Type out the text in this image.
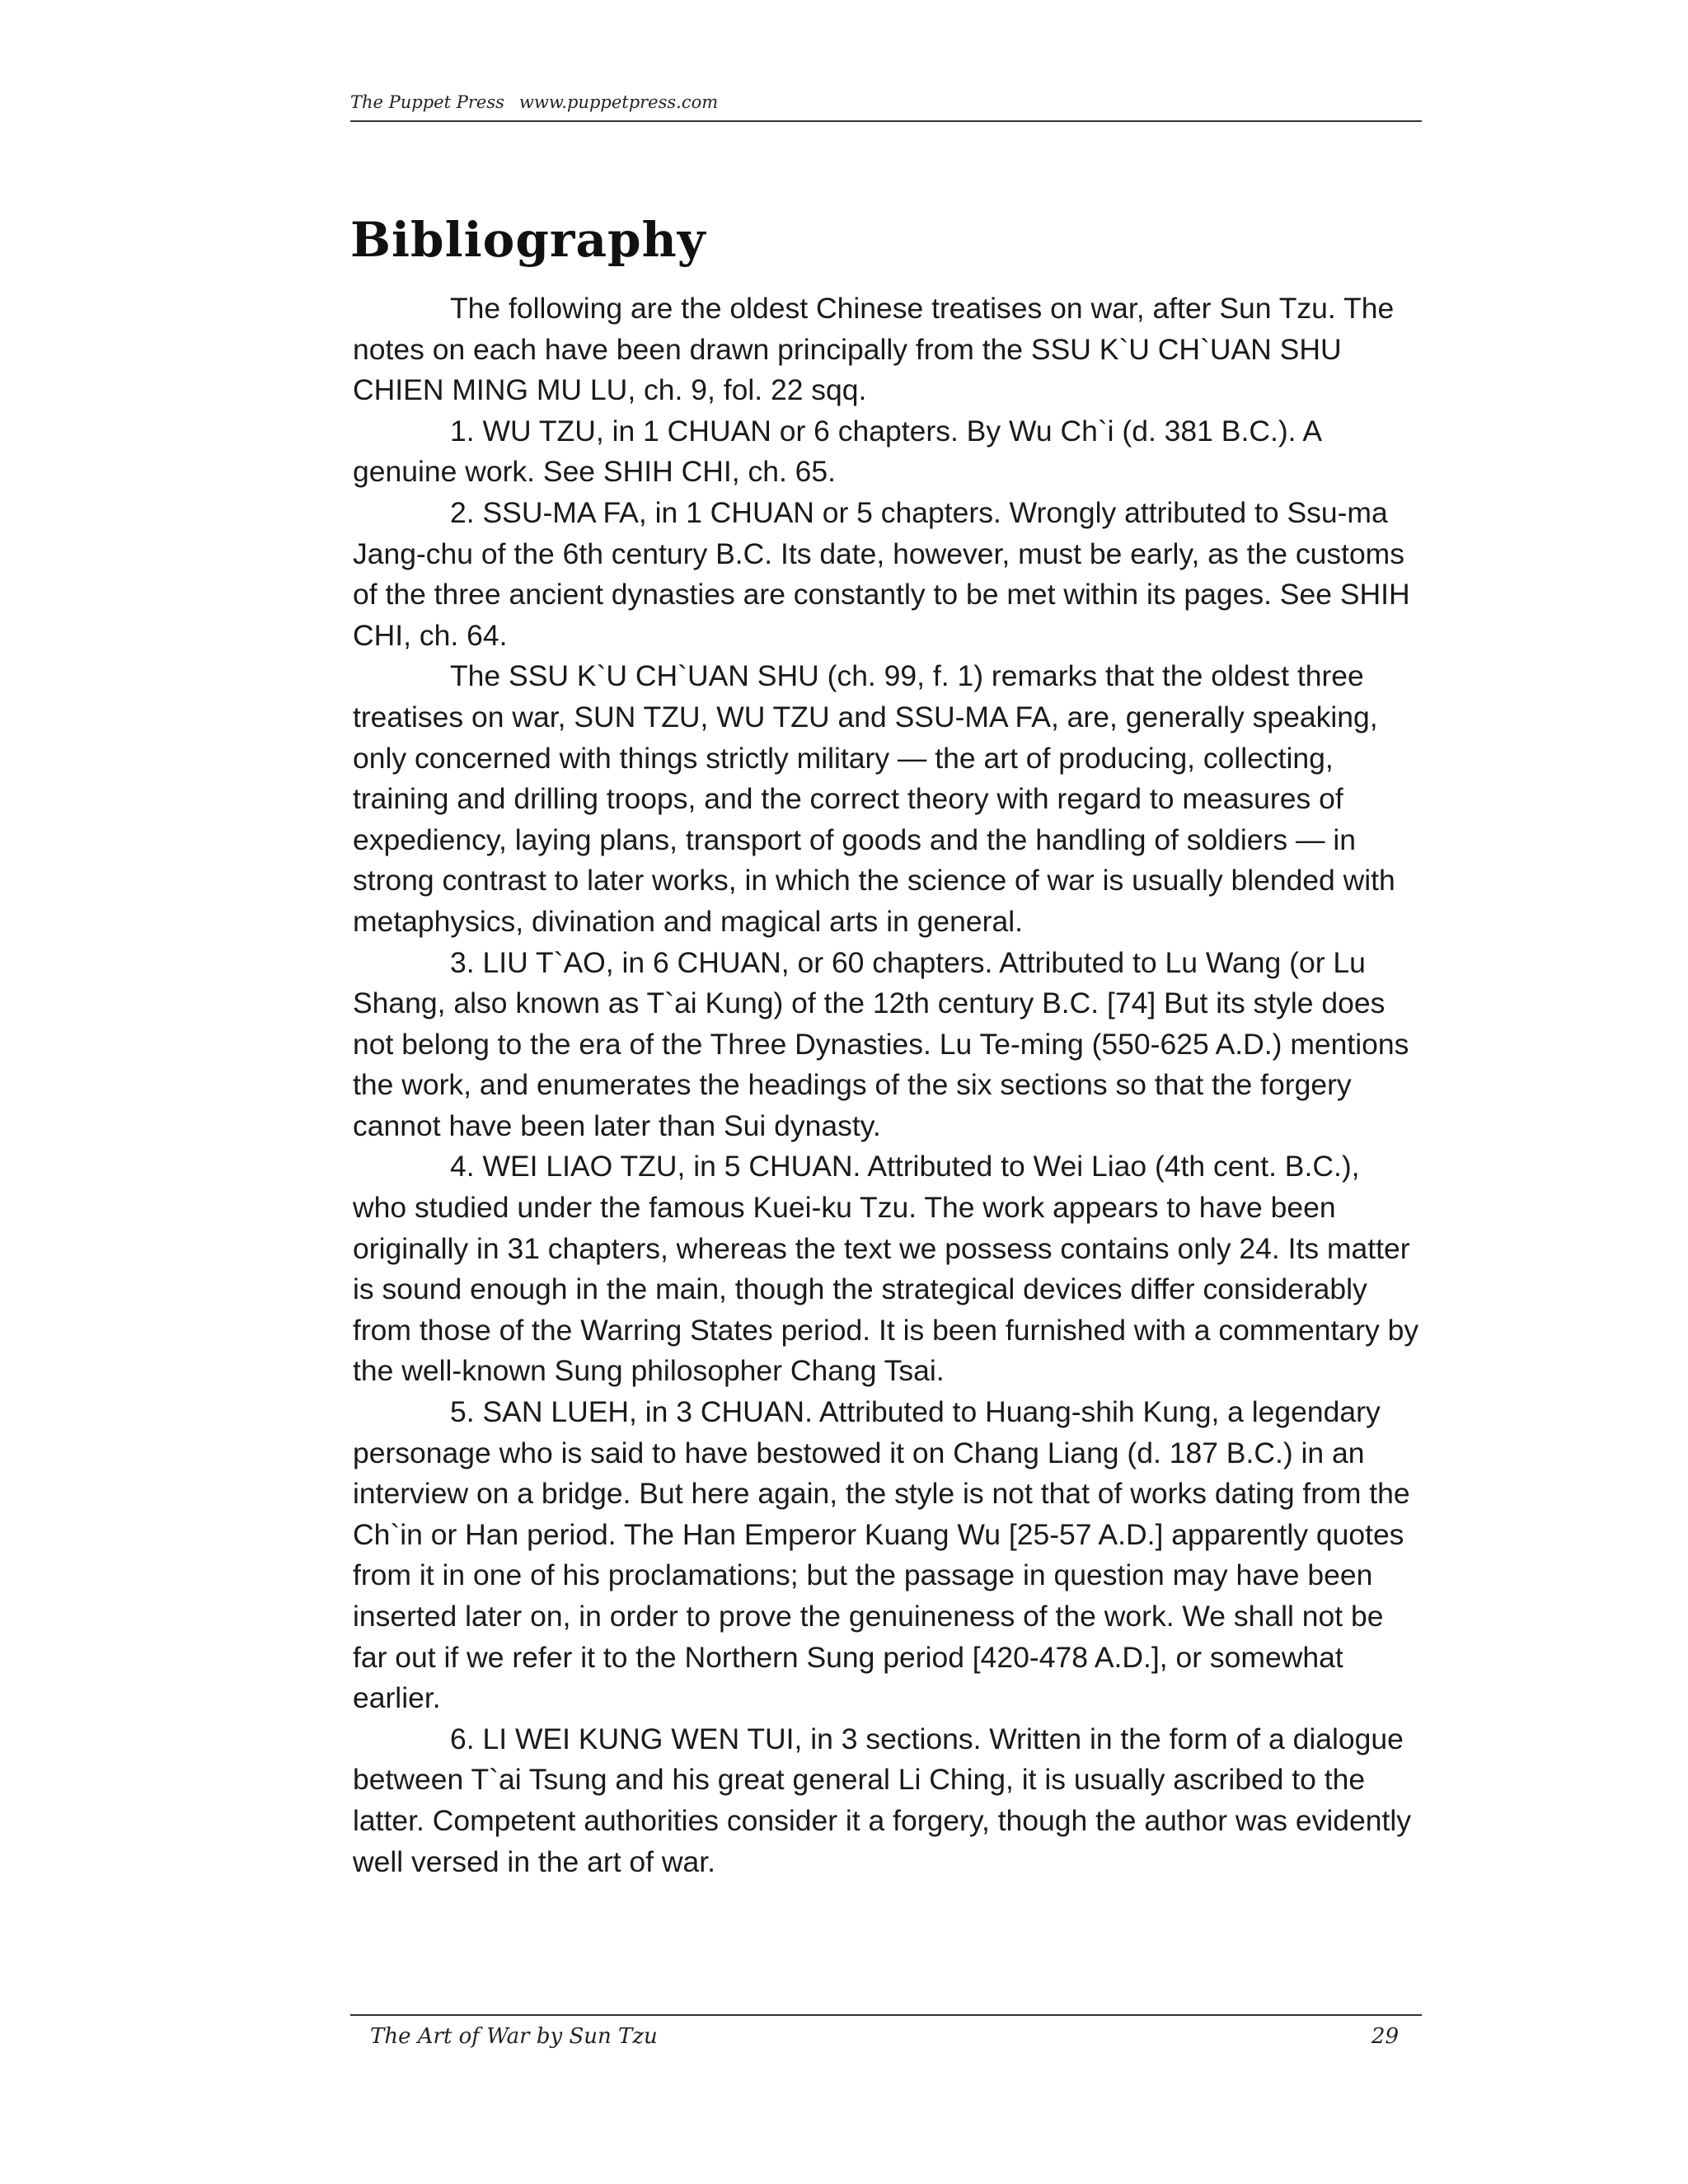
The Puppet Press www.puppetpress.com
Bibliography

The following are the oldest Chinese treatises on war, after Sun Tzu. The notes on each have been drawn principally from the SSU K`U CH`UAN SHU CHIEN MING MU LU, ch. 9, fol. 22 sqq.

1. WU TZU, in 1 CHUAN or 6 chapters. By Wu Ch`i (d. 381 B.C.). A genuine work. See SHIH CHI, ch. 65.

2. SSU-MA FA, in 1 CHUAN or 5 chapters. Wrongly attributed to Ssu-ma Jang-chu of the 6th century B.C. Its date, however, must be early, as the customs of the three ancient dynasties are constantly to be met within its pages. See SHIH CHI, ch. 64.

The SSU K`U CH`UAN SHU (ch. 99, f. 1) remarks that the oldest three treatises on war, SUN TZU, WU TZU and SSU-MA FA, are, generally speaking, only concerned with things strictly military — the art of producing, collecting, training and drilling troops, and the correct theory with regard to measures of expediency, laying plans, transport of goods and the handling of soldiers — in strong contrast to later works, in which the science of war is usually blended with metaphysics, divination and magical arts in general.

3. LIU T`AO, in 6 CHUAN, or 60 chapters. Attributed to Lu Wang (or Lu Shang, also known as T`ai Kung) of the 12th century B.C. [74] But its style does not belong to the era of the Three Dynasties. Lu Te-ming (550-625 A.D.) mentions the work, and enumerates the headings of the six sections so that the forgery cannot have been later than Sui dynasty.

4. WEI LIAO TZU, in 5 CHUAN. Attributed to Wei Liao (4th cent. B.C.), who studied under the famous Kuei-ku Tzu. The work appears to have been originally in 31 chapters, whereas the text we possess contains only 24. Its matter is sound enough in the main, though the strategical devices differ considerably from those of the Warring States period. It is been furnished with a commentary by the well-known Sung philosopher Chang Tsai.

5. SAN LUEH, in 3 CHUAN. Attributed to Huang-shih Kung, a legendary personage who is said to have bestowed it on Chang Liang (d. 187 B.C.) in an interview on a bridge. But here again, the style is not that of works dating from the Ch`in or Han period. The Han Emperor Kuang Wu [25-57 A.D.] apparently quotes from it in one of his proclamations; but the passage in question may have been inserted later on, in order to prove the genuineness of the work. We shall not be far out if we refer it to the Northern Sung period [420-478 A.D.], or somewhat earlier.

6. LI WEI KUNG WEN TUI, in 3 sections. Written in the form of a dialogue between T`ai Tsung and his great general Li Ching, it is usually ascribed to the latter. Competent authorities consider it a forgery, though the author was evidently well versed in the art of war.

The Art of War by Sun Tzu	29
